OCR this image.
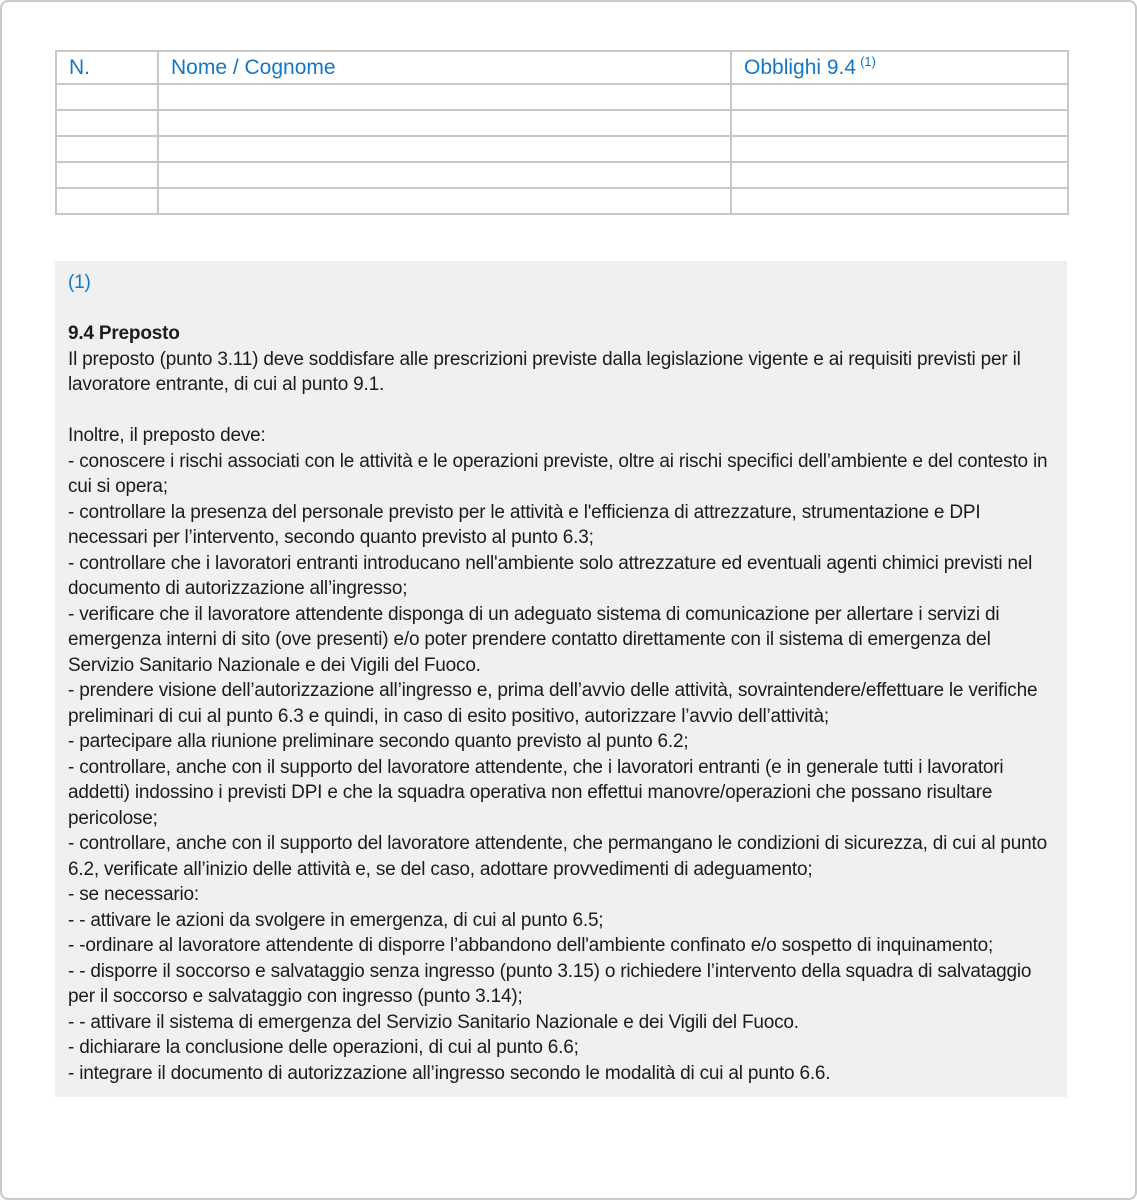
N.	Nome / Cognome	Obblighi 9.4 $^{(1)}$

(1)

9.4 Preposto

Il preposto (punto 3.11) deve soddisfare alle prescrizioni previste dalla legislazione vigente e ai requisiti previsti per il lavoratore entrante, di cui al punto 9.1.

Inoltre, il preposto deve:

- conoscere i rischi associati con le attività e le operazioni previste, oltre ai rischi specifici dell’ambiente e del contesto in cui si opera;

- controllare la presenza del personale previsto per le attività e l'efficienza di attrezzature, strumentazione e DPI necessari per l’intervento, secondo quanto previsto al punto 6.3;

- controllare che i lavoratori entranti introducano nell'ambiente solo attrezzature ed eventuali agenti chimici previsti nel documento di autorizzazione all’ingresso;

- verificare che il lavoratore attendente disponga di un adeguato sistema di comunicazione per allertare i servizi di emergenza interni di sito (ove presenti) e/o poter prendere contatto direttamente con il sistema di emergenza del Servizio Sanitario Nazionale e dei Vigili del Fuoco.

- prendere visione dell’autorizzazione all’ingresso e, prima dell’avvio delle attività, sovraintendere/effettuare le verifiche preliminari di cui al punto 6.3 e quindi, in caso di esito positivo, autorizzare l’avvio dell’attività;

- partecipare alla riunione preliminare secondo quanto previsto al punto 6.2;

- controllare, anche con il supporto del lavoratore attendente, che i lavoratori entranti (e in generale tutti i lavoratori addetti) indossino i previsti DPI e che la squadra operativa non effettui manovre/operazioni che possano risultare pericolose;

- controllare, anche con il supporto del lavoratore attendente, che permangano le condizioni di sicurezza, di cui al punto 6.2, verificate all’inizio delle attività e, se del caso, adottare provvedimenti di adeguamento;

- se necessario:

- - attivare le azioni da svolgere in emergenza, di cui al punto 6.5;

- -ordinare al lavoratore attendente di disporre l’abbandono dell'ambiente confinato e/o sospetto di inquinamento;

- - disporre il soccorso e salvataggio senza ingresso (punto 3.15) o richiedere l’intervento della squadra di salvataggio per il soccorso e salvataggio con ingresso (punto 3.14);

- - attivare il sistema di emergenza del Servizio Sanitario Nazionale e dei Vigili del Fuoco.

- dichiarare la conclusione delle operazioni, di cui al punto 6.6;

- integrare il documento di autorizzazione all’ingresso secondo le modalità di cui al punto 6.6.
